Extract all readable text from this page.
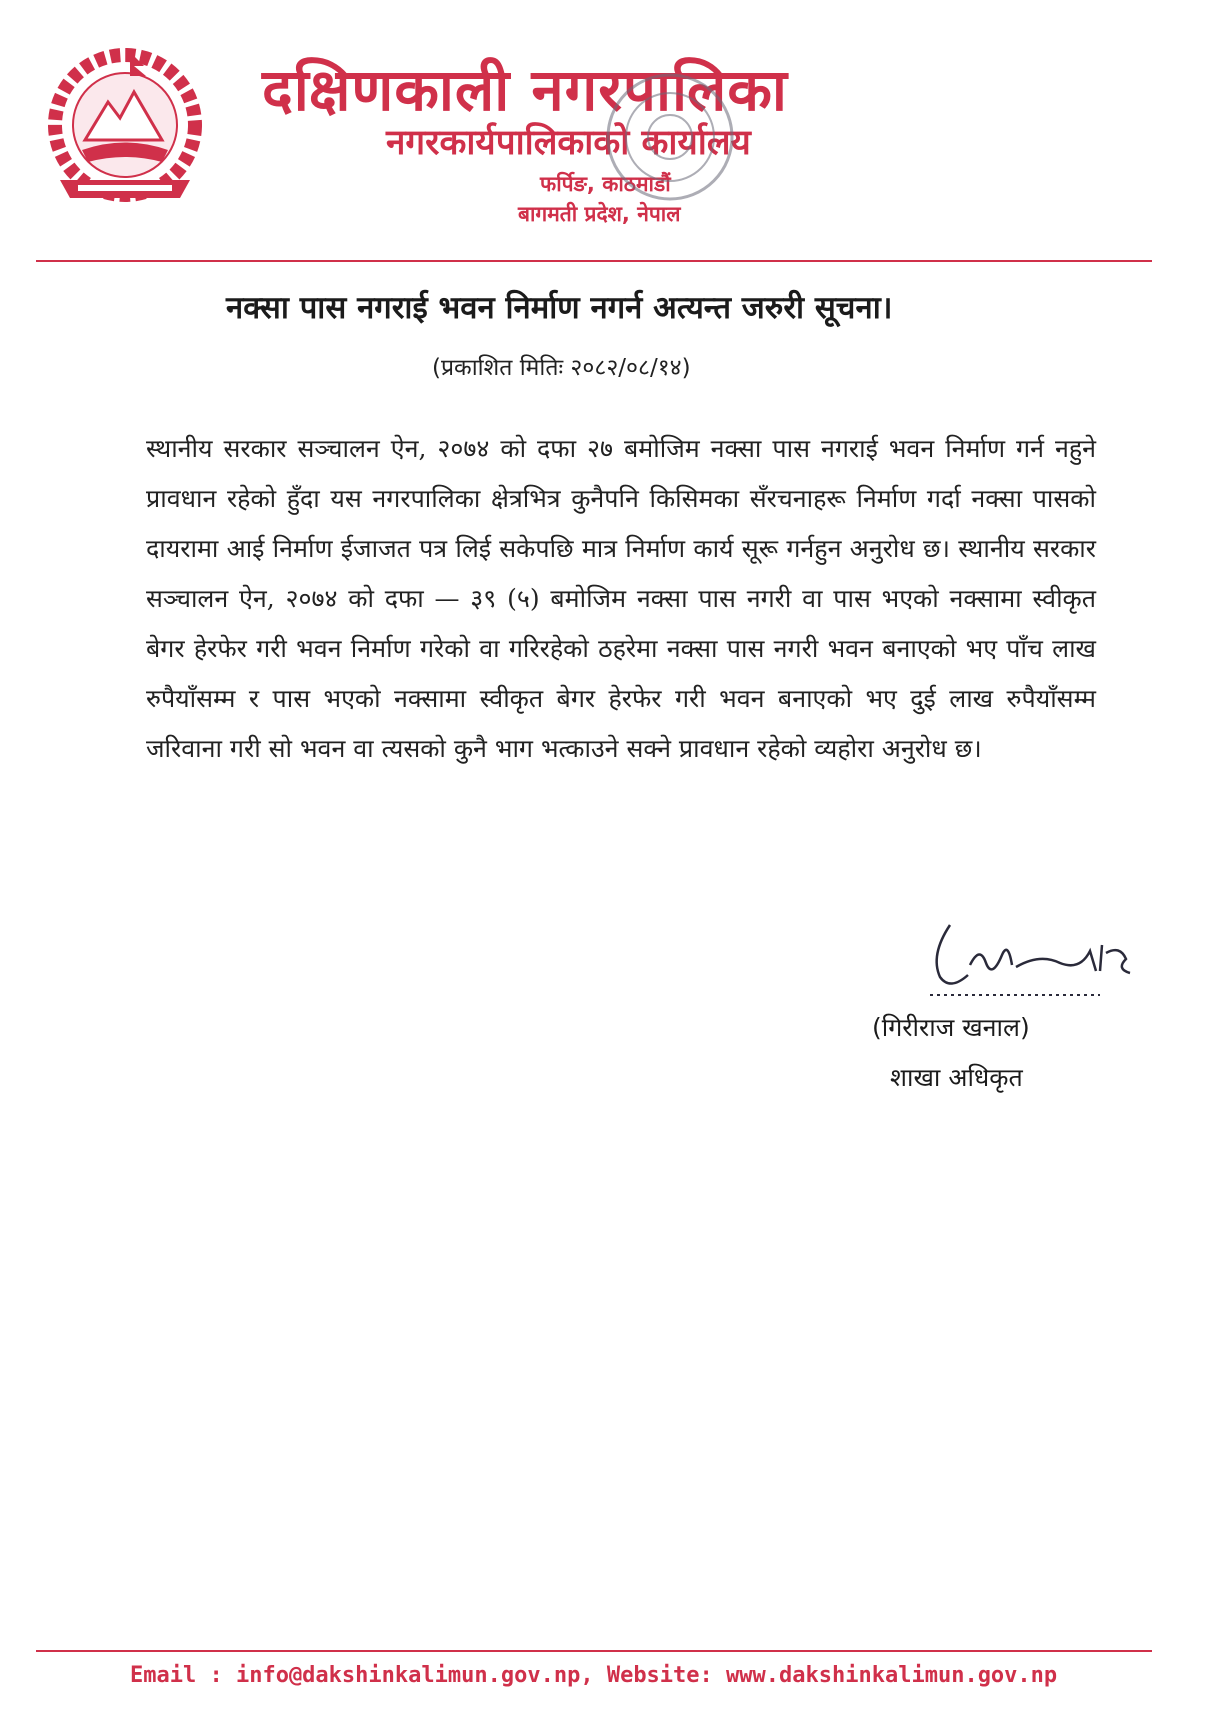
दक्षिणकाली नगरपालिका
नगरकार्यपालिकाको कार्यालय
फर्पिङ, काठमाडौं
बागमती प्रदेश, नेपाल
नक्सा पास नगराई भवन निर्माण नगर्न अत्यन्त जरुरी सूचना।
(प्रकाशित मितिः २०८२/०८/१४)
स्थानीय सरकार सञ्चालन ऐन, २०७४ को दफा २७ बमोजिम नक्सा पास नगराई भवन निर्माण गर्न नहुने प्रावधान रहेको हुँदा यस नगरपालिका क्षेत्रभित्र कुनैपनि किसिमका सँरचनाहरू निर्माण गर्दा नक्सा पासको दायरामा आई निर्माण ईजाजत पत्र लिई सकेपछि मात्र निर्माण कार्य सूरू गर्नहुन अनुरोध छ। स्थानीय सरकार सञ्चालन ऐन, २०७४ को दफा — ३९ (५) बमोजिम नक्सा पास नगरी वा पास भएको नक्सामा स्वीकृत बेगर हेरफेर गरी भवन निर्माण गरेको वा गरिरहेको ठहरेमा नक्सा पास नगरी भवन बनाएको भए पाँच लाख रुपैयाँसम्म र पास भएको नक्सामा स्वीकृत बेगर हेरफेर गरी भवन बनाएको भए दुई लाख रुपैयाँसम्म जरिवाना गरी सो भवन वा त्यसको कुनै भाग भत्काउने सक्ने प्रावधान रहेको व्यहोरा अनुरोध छ।
(गिरीराज खनाल)
शाखा अधिकृत
Email : info@dakshinkalimun.gov.np, Website: www.dakshinkalimun.gov.np
